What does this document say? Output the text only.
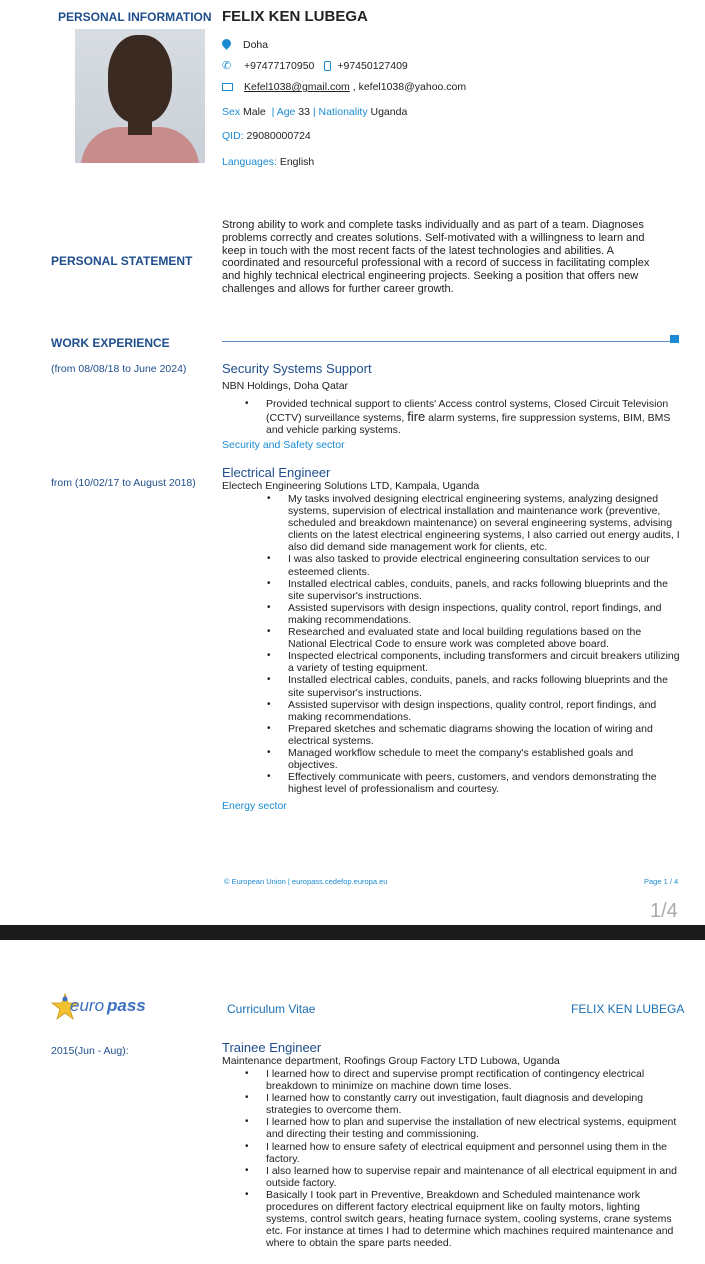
PERSONAL INFORMATION FELIX KEN LUBEGA
Doha
✆ +97477170950 +97450127409
Kefel1038@gmail.com , kefel1038@yahoo.com
Sex
Male
| Age
33
| Nationality
Uganda
QID:
29080000724
Languages:
English
PERSONAL STATEMENT
Strong ability to work and complete tasks individually and as part of a team. Diagnoses problems correctly and creates solutions. Self-motivated with a willingness to learn and keep in touch with the most recent facts of the latest technologies and abilities. A coordinated and resourceful professional with a record of success in facilitating complex and highly technical electrical engineering projects. Seeking a position that offers new challenges and allows for further career growth.
WORK EXPERIENCE
(from 08/08/18 to June 2024)	Security Systems Support
NBN Holdings, Doha Qatar
• Provided technical support to clients' Access control systems, Closed Circuit Television (CCTV) surveillance systems, fire alarm systems, fire suppression systems, BIM, BMS and vehicle parking systems.
Security and Safety sector
from (10/02/17 to August 2018)
Electrical Engineer
Electech Engineering Solutions LTD, Kampala, Uganda
• My tasks involved designing electrical engineering systems, analyzing designed systems, supervision of electrical installation and maintenance work (preventive, scheduled and breakdown maintenance) on several engineering systems, advising clients on the latest electrical engineering systems, I also carried out energy audits, I also did demand side management work for clients, etc.
• I was also tasked to provide electrical engineering consultation services to our esteemed clients.
• Installed electrical cables, conduits, panels, and racks following blueprints and the site supervisor's instructions.
• Assisted supervisors with design inspections, quality control, report findings, and making recommendations.
• Researched and evaluated state and local building regulations based on the National Electrical Code to ensure work was completed above board.
• Inspected electrical components, including transformers and circuit breakers utilizing a variety of testing equipment.
• Installed electrical cables, conduits, panels, and racks following blueprints and the site supervisor's instructions.
• Assisted supervisor with design inspections, quality control, report findings, and making recommendations.
• Prepared sketches and schematic diagrams showing the location of wiring and electrical systems.
• Managed workflow schedule to meet the company's established goals and objectives.
• Effectively communicate with peers, customers, and vendors demonstrating the highest level of professionalism and courtesy.
Energy sector
© European Union | europass.cedefop.europa.eu	Page 1 / 4
1/4
euro pass	Curriculum Vitae	FELIX KEN LUBEGA
2015(Jun - Aug):	Trainee Engineer
Maintenance department, Roofings Group Factory LTD Lubowa, Uganda
• I learned how to direct and supervise prompt rectification of contingency electrical breakdown to minimize on machine down time loses.
• I learned how to constantly carry out investigation, fault diagnosis and developing strategies to overcome them.
• I learned how to plan and supervise the installation of new electrical systems, equipment and directing their testing and commissioning.
• I learned how to ensure safety of electrical equipment and personnel using them in the factory.
• I also learned how to supervise repair and maintenance of all electrical equipment in and outside factory.
• Basically I took part in Preventive, Breakdown and Scheduled maintenance work procedures on different factory electrical equipment like on faulty motors, lighting systems, control switch gears, heating furnace system, cooling systems, crane systems etc. For instance at times I had to determine which machines required maintenance and where to obtain the spare parts needed.
